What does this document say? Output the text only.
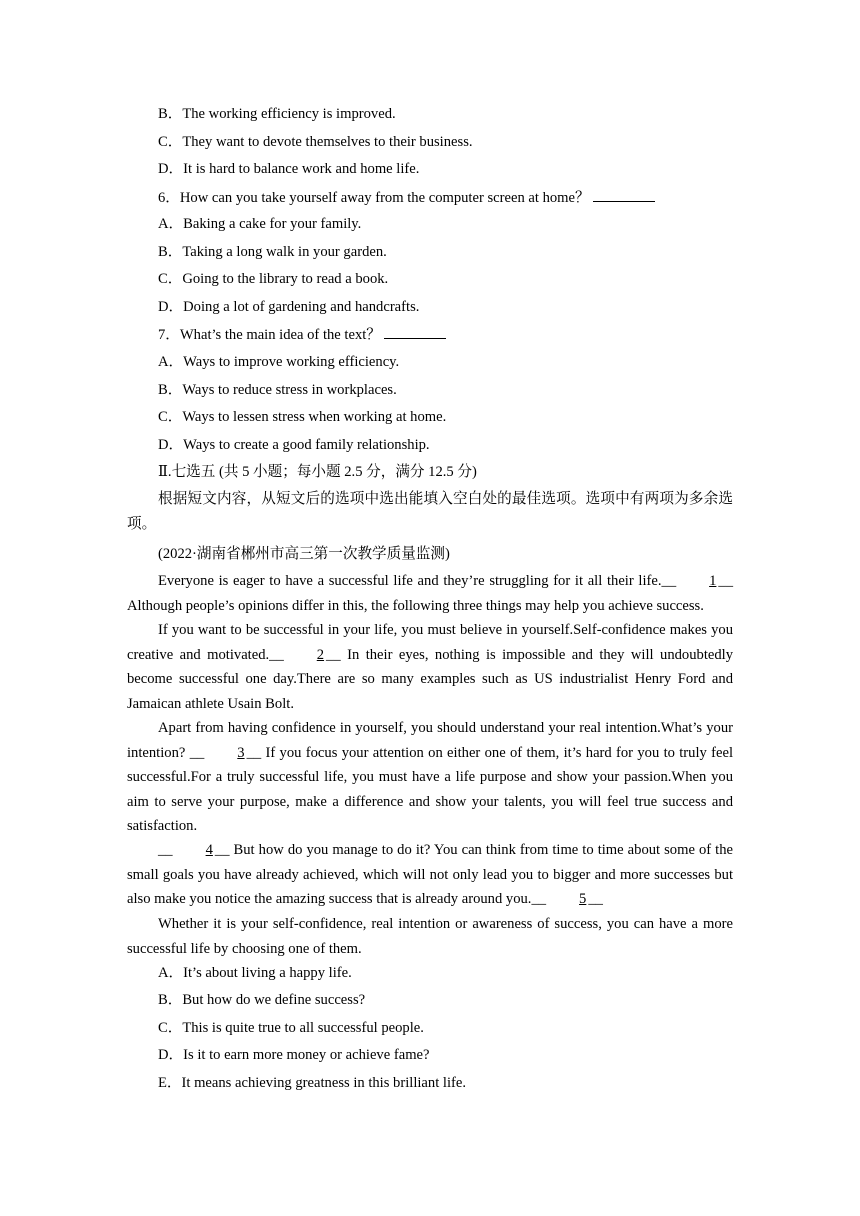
B．The working efficiency is improved.
C．They want to devote themselves to their business.
D．It is hard to balance work and home life.
6．How can you take yourself away from the computer screen at home？
A．Baking a cake for your family.
B．Taking a long walk in your garden.
C．Going to the library to read a book.
D．Doing a lot of gardening and handcrafts.
7．What’s the main idea of the text？
A．Ways to improve working efficiency.
B．Ways to reduce stress in workplaces.
C．Ways to lessen stress when working at home.
D．Ways to create a good family relationship.
Ⅱ.七选五 (共 5 小题；每小题 2.5 分，满分 12.5 分)
根据短文内容，从短文后的选项中选出能填入空白处的最佳选项。选项中有两项为多余选项。
(2022·湖南省郴州市高三第一次教学质量监测)
Everyone is eager to have a successful life and they’re struggling for it all their life.__ 1 __ Although people’s opinions differ in this, the following three things may help you achieve success.
If you want to be successful in your life, you must believe in yourself.Self-confidence makes you creative and motivated.__ 2 __ In their eyes, nothing is impossible and they will undoubtedly become successful one day.There are so many examples such as US industrialist Henry Ford and Jamaican athlete Usain Bolt.
Apart from having confidence in yourself, you should understand your real intention.What’s your intention? __ 3 __ If you focus your attention on either one of them, it’s hard for you to truly feel successful.For a truly successful life, you must have a life purpose and show your passion.When you aim to serve your purpose, make a difference and show your talents, you will feel true success and satisfaction.
__ 4 __ But how do you manage to do it? You can think from time to time about some of the small goals you have already achieved, which will not only lead you to bigger and more successes but also make you notice the amazing success that is already around you.__ 5 __
Whether it is your self-confidence, real intention or awareness of success, you can have a more successful life by choosing one of them.
A．It’s about living a happy life.
B．But how do we define success?
C．This is quite true to all successful people.
D．Is it to earn more money or achieve fame?
E．It means achieving greatness in this brilliant life.
